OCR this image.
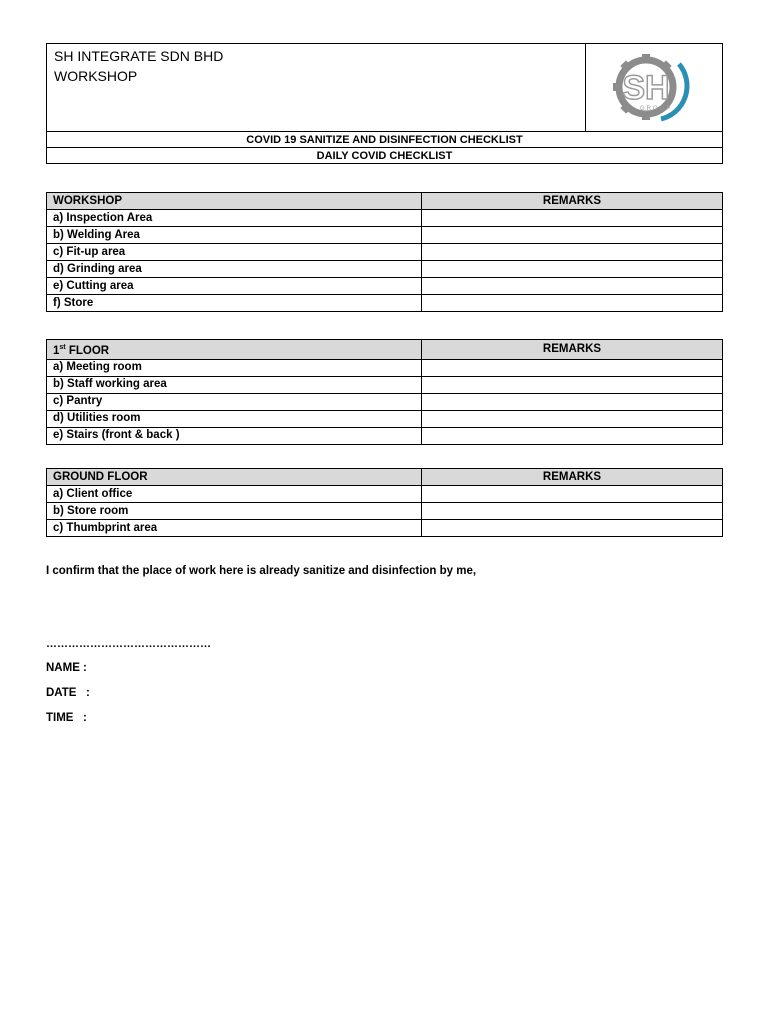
SH INTEGRATE SDN BHD
WORKSHOP	SH
GROUP
COVID 19 SANITIZE AND DISINFECTION CHECKLIST
DAILY COVID CHECKLIST
WORKSHOP	REMARKS
a) Inspection Area	
b) Welding Area	
c) Fit-up area	
d) Grinding area	
e) Cutting area	
f) Store	
1st FLOOR	REMARKS
a) Meeting room	
b) Staff working area	
c) Pantry	
d) Utilities room	
e) Stairs (front & back )	
GROUND FLOOR	REMARKS
a) Client office	
b) Store room	
c) Thumbprint area	
I confirm that the place of work here is already sanitize and disinfection by me,
………………………………………
NAME :
DATE   :
TIME   :
